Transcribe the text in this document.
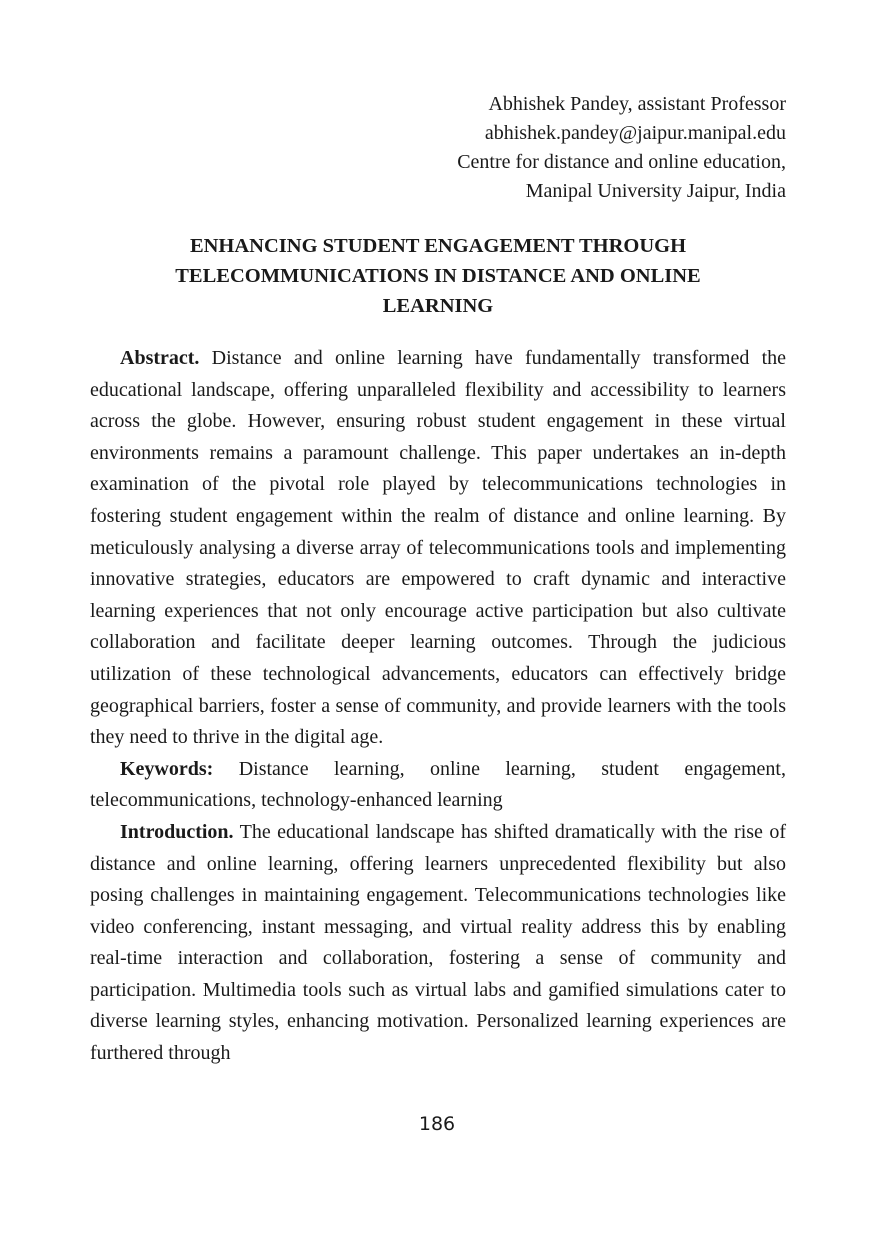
Abhishek Pandey, assistant Professor
abhishek.pandey@jaipur.manipal.edu
Centre for distance and online education,
Manipal University Jaipur, India
ENHANCING STUDENT ENGAGEMENT THROUGH
TELECOMMUNICATIONS IN DISTANCE AND ONLINE
LEARNING

Abstract. Distance and online learning have fundamentally transformed the educational landscape, offering unparalleled flexibility and accessibility to learners across the globe. However, ensuring robust student engagement in these virtual environments remains a paramount challenge. This paper undertakes an in-depth examination of the pivotal role played by telecommunications technologies in fostering student engagement within the realm of distance and online learning. By meticulously analysing a diverse array of telecommunications tools and implementing innovative strategies, educators are empowered to craft dynamic and interactive learning experiences that not only encourage active participation but also cultivate collaboration and facilitate deeper learning outcomes. Through the judicious utilization of these technological advancements, educators can effectively bridge geographical barriers, foster a sense of community, and provide learners with the tools they need to thrive in the digital age.

Keywords: Distance learning, online learning, student engagement, telecommunications, technology-enhanced learning

Introduction. The educational landscape has shifted dramatically with the rise of distance and online learning, offering learners unprecedented flexibility but also posing challenges in maintaining engagement. Telecommunications technologies like video conferencing, instant messaging, and virtual reality address this by enabling real-time interaction and collaboration, fostering a sense of community and participation. Multimedia tools such as virtual labs and gamified simulations cater to diverse learning styles, enhancing motivation. Personalized learning experiences are furthered through

186
